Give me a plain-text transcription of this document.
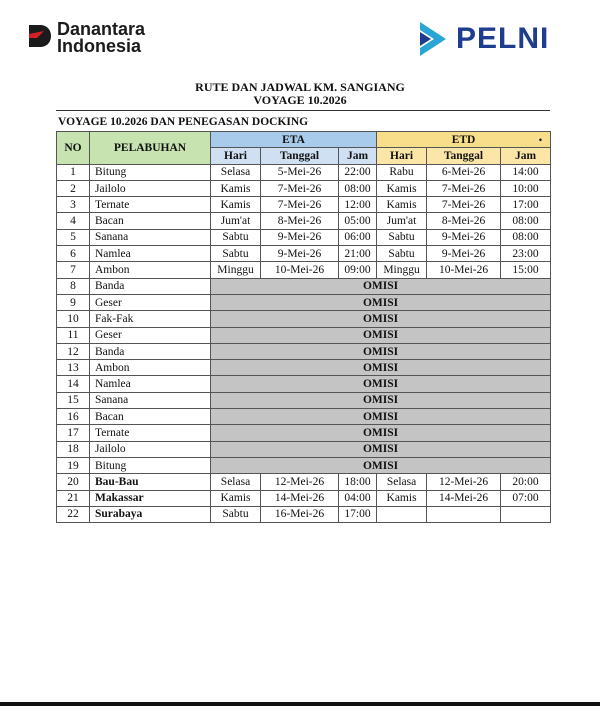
Danantara
Indonesia	PELNI
RUTE DAN JADWAL KM. SANGIANG
VOYAGE 10.2026
VOYAGE 10.2026 DAN PENEGASAN DOCKING
NO	PELABUHAN	ETA			ETD •		

		Hari	Tanggal	Jam	Hari	Tanggal	Jam
1	Bitung	Selasa	5-Mei-26	22:00	Rabu	6-Mei-26	14:00
2	Jailolo	Kamis	7-Mei-26	08:00	Kamis	7-Mei-26	10:00
3	Ternate	Kamis	7-Mei-26	12:00	Kamis	7-Mei-26	17:00
4	Bacan	Jum'at	8-Mei-26	05:00	Jum'at	8-Mei-26	08:00
5	Sanana	Sabtu	9-Mei-26	06:00	Sabtu	9-Mei-26	08:00
6	Namlea	Sabtu	9-Mei-26	21:00	Sabtu	9-Mei-26	23:00
7	Ambon	Minggu	10-Mei-26	09:00	Minggu	10-Mei-26	15:00
8	Banda	OMISI					
9	Geser	OMISI					
10	Fak-Fak	OMISI					
11	Geser	OMISI					
12	Banda	OMISI					
13	Ambon	OMISI					
14	Namlea	OMISI					
15	Sanana	OMISI					
16	Bacan	OMISI					
17	Ternate	OMISI					
18	Jailolo	OMISI					
19	Bitung	OMISI					
20	Bau-Bau	Selasa	12-Mei-26	18:00	Selasa	12-Mei-26	20:00
21	Makassar	Kamis	14-Mei-26	04:00	Kamis	14-Mei-26	07:00
22	Surabaya	Sabtu	16-Mei-26	17:00			
